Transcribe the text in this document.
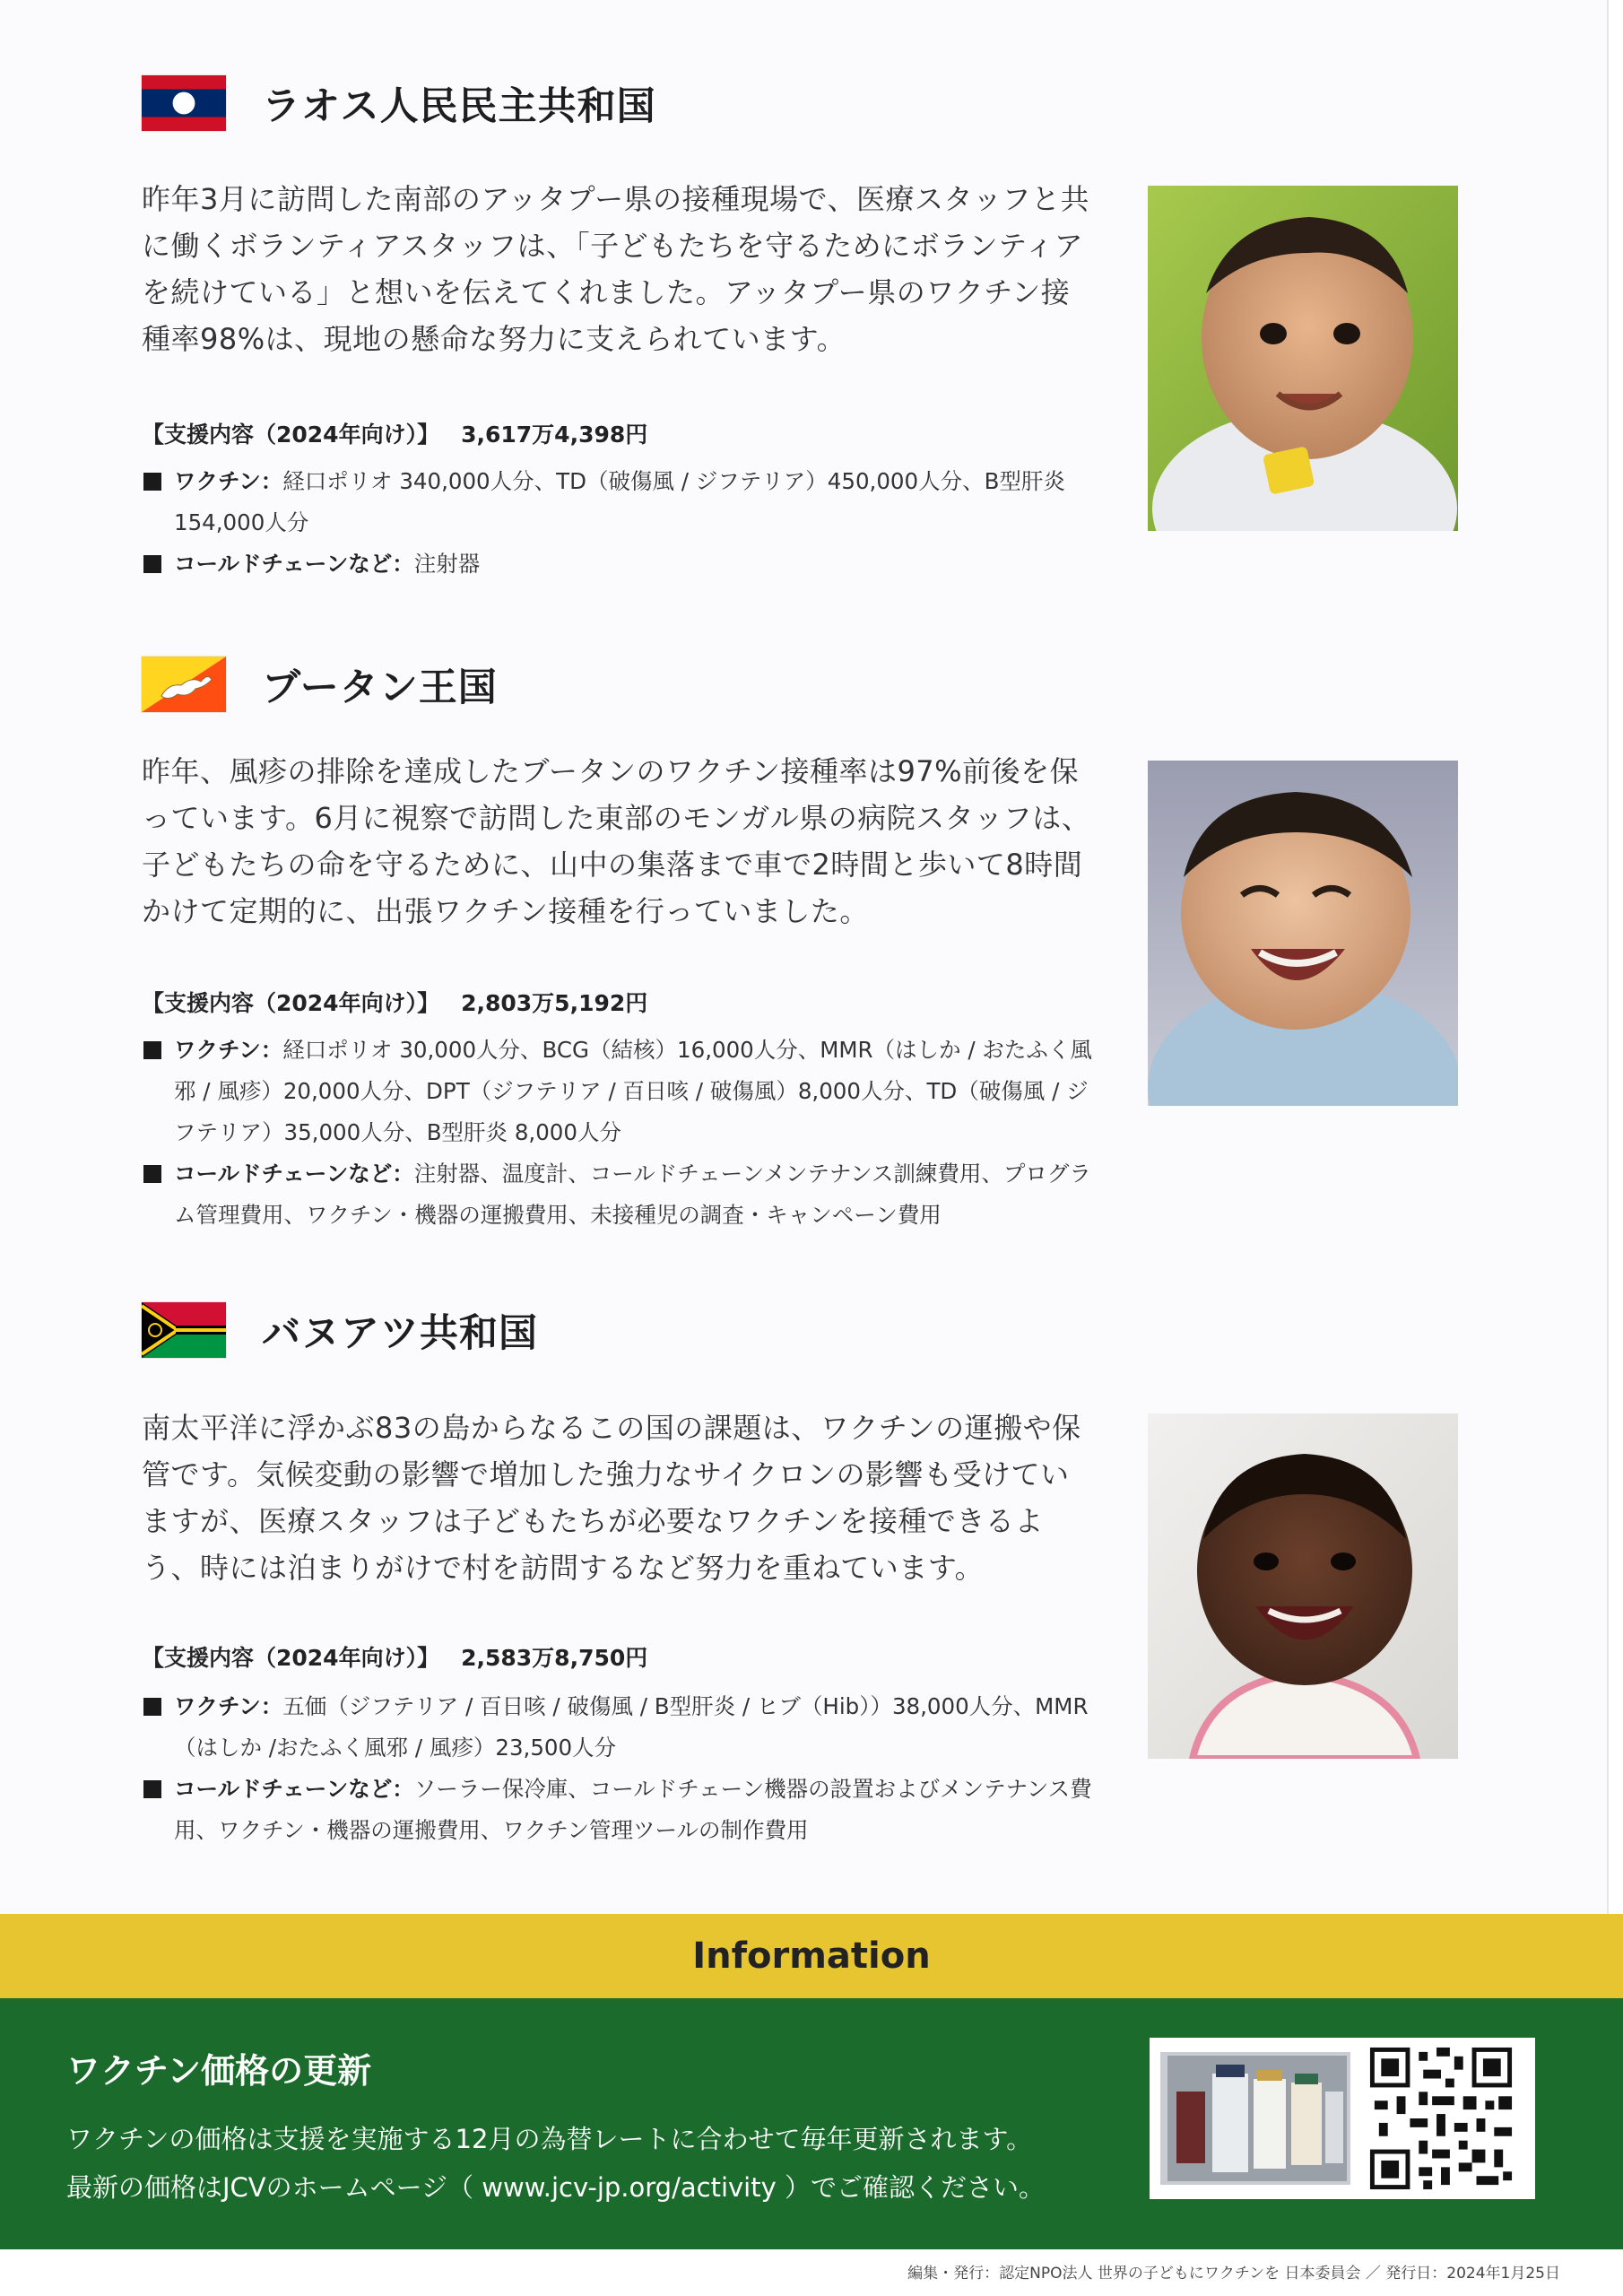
ラオス人民民主共和国

昨年3月に訪問した南部のアッタプー県の接種現場で、医療スタッフと共に働くボランティアスタッフは、「子どもたちを守るためにボランティアを続けている」と想いを伝えてくれました。アッタプー県のワクチン接種率98%は、現地の懸命な努力に支えられています。

【支援内容（2024年向け）】 3,617万4,398円
ワクチン：経口ポリオ 340,000人分、TD（破傷風 / ジフテリア）450,000人分、B型肝炎 154,000人分
コールドチェーンなど：注射器
ブータン王国

昨年、風疹の排除を達成したブータンのワクチン接種率は97%前後を保っています。6月に視察で訪問した東部のモンガル県の病院スタッフは、子どもたちの命を守るために、山中の集落まで車で2時間と歩いて8時間かけて定期的に、出張ワクチン接種を行っていました。

【支援内容（2024年向け）】 2,803万5,192円
ワクチン：経口ポリオ 30,000人分、BCG（結核）16,000人分、MMR（はしか / おたふく風邪 / 風疹）20,000人分、DPT（ジフテリア / 百日咳 / 破傷風）8,000人分、TD（破傷風 / ジフテリア）35,000人分、B型肝炎 8,000人分
コールドチェーンなど：注射器、温度計、コールドチェーンメンテナンス訓練費用、プログラム管理費用、ワクチン・機器の運搬費用、未接種児の調査・キャンペーン費用
バヌアツ共和国

南太平洋に浮かぶ83の島からなるこの国の課題は、ワクチンの運搬や保管です。気候変動の影響で増加した強力なサイクロンの影響も受けていますが、医療スタッフは子どもたちが必要なワクチンを接種できるよう、時には泊まりがけで村を訪問するなど努力を重ねています。

【支援内容（2024年向け）】 2,583万8,750円
ワクチン：五価（ジフテリア / 百日咳 / 破傷風 / B型肝炎 / ヒブ（Hib））38,000人分、MMR（はしか /おたふく風邪 / 風疹）23,500人分
コールドチェーンなど：ソーラー保冷庫、コールドチェーン機器の設置およびメンテナンス費用、ワクチン・機器の運搬費用、ワクチン管理ツールの制作費用
Information
ワクチン価格の更新

ワクチンの価格は支援を実施する12月の為替レートに合わせて毎年更新されます。
最新の価格はJCVのホームページ（ www.jcv-jp.org/activity ）でご確認ください。

編集・発行：認定NPO法人 世界の子どもにワクチンを 日本委員会 ／ 発行日：2024年1月25日
